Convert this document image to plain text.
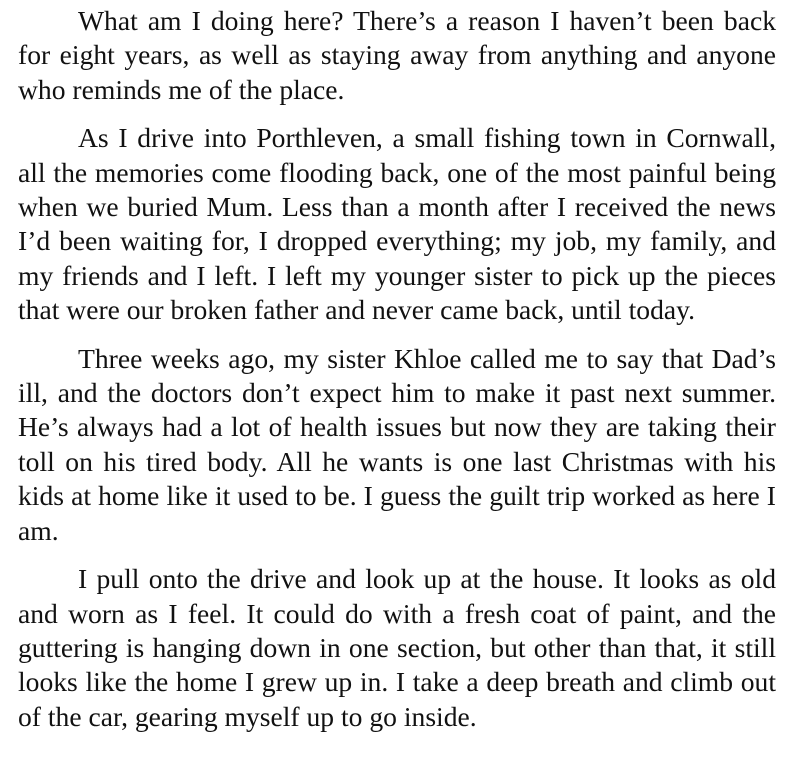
What am I doing here? There’s a reason I haven’t been back for eight years, as well as staying away from anything and anyone who reminds me of the place.

As I drive into Porthleven, a small fishing town in Cornwall, all the memories come flooding back, one of the most painful being when we buried Mum. Less than a month after I received the news I’d been waiting for, I dropped everything; my job, my family, and my friends and I left. I left my younger sister to pick up the pieces that were our broken father and never came back, until today.

Three weeks ago, my sister Khloe called me to say that Dad’s ill, and the doctors don’t expect him to make it past next summer. He’s always had a lot of health issues but now they are taking their toll on his tired body. All he wants is one last Christmas with his kids at home like it used to be. I guess the guilt trip worked as here I am.

I pull onto the drive and look up at the house. It looks as old and worn as I feel. It could do with a fresh coat of paint, and the guttering is hanging down in one section, but other than that, it still looks like the home I grew up in. I take a deep breath and climb out of the car, gearing myself up to go inside.
